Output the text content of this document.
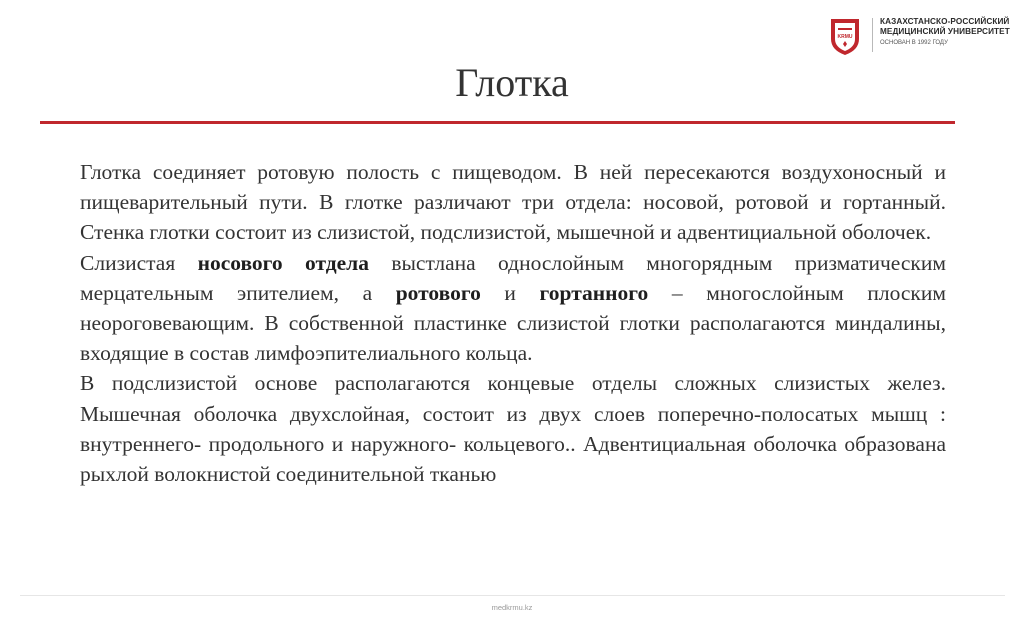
KRMU
КАЗАХСТАНСКО-РОССИЙСКИЙ
МЕДИЦИНСКИЙ УНИВЕРСИТЕТ
ОСНОВАН В 1992 ГОДУ
Глотка

Глотка соединяет ротовую полость с пищеводом. В ней пересекаются воздухоносный и пищеварительный пути. В глотке различают три отдела: носовой, ротовой и гортанный. Стенка глотки состоит из слизистой, подслизистой, мышечной и адвентициальной оболочек.

Слизистая носового отдела выстлана однослойным многорядным призматическим мерцательным эпителием, а ротового и гортанного – многослойным плоским неороговевающим. В собственной пластинке слизистой глотки располагаются миндалины, входящие в состав лимфоэпителиального кольца.

В подслизистой основе располагаются концевые отделы сложных слизистых желез. Мышечная оболочка двухслойная, состоит из двух слоев поперечно-полосатых мышц : внутреннего- продольного и наружного- кольцевого.. Адвентициальная оболочка образована рыхлой волокнистой соединительной тканью

medkrmu.kz
